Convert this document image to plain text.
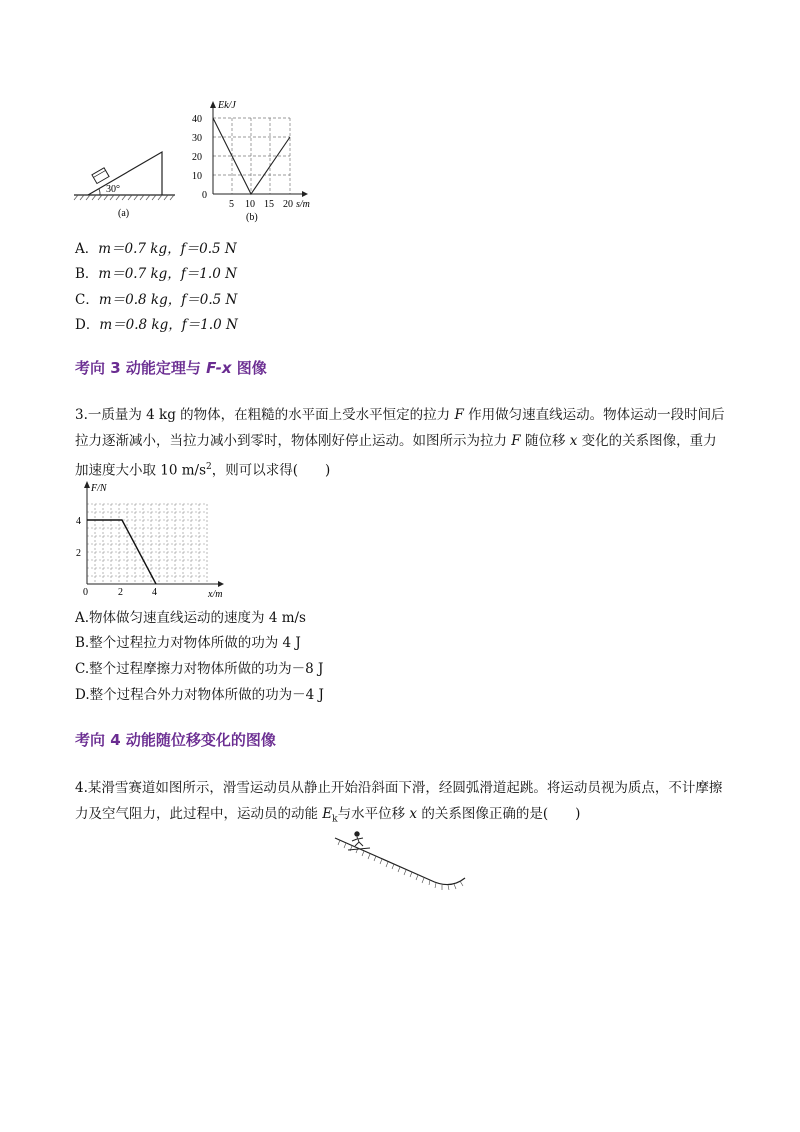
30°
(a)
Ek/J
40
30
20
10
0
5 10 15 20 s/m
(b)
A．m＝0.7 kg，f＝0.5 N
B．m＝0.7 kg，f＝1.0 N
C．m＝0.8 kg，f＝0.5 N
D．m＝0.8 kg，f＝1.0 N
考向 3 动能定理与 F-x 图像
3.一质量为 4 kg 的物体，在粗糙的水平面上受水平恒定的拉力 F 作用做匀速直线运动。物体运动一段时间后拉力逐渐减小，当拉力减小到零时，物体刚好停止运动。如图所示为拉力 F 随位移 x 变化的关系图像，重力加速度大小取 10 $m/s^2$，则可以求得(　　)
F/N
4
2
0	2	4	x/m
A.物体做匀速直线运动的速度为 4 m/s
B.整个过程拉力对物体所做的功为 4 J
C.整个过程摩擦力对物体所做的功为－8 J
D.整个过程合外力对物体所做的功为－4 J
考向 4 动能随位移变化的图像
4.某滑雪赛道如图所示，滑雪运动员从静止开始沿斜面下滑，经圆弧滑道起跳。将运动员视为质点，不计摩擦力及空气阻力，此过程中，运动员的动能 $E_k$与水平位移 x 的关系图像正确的是(　　)
